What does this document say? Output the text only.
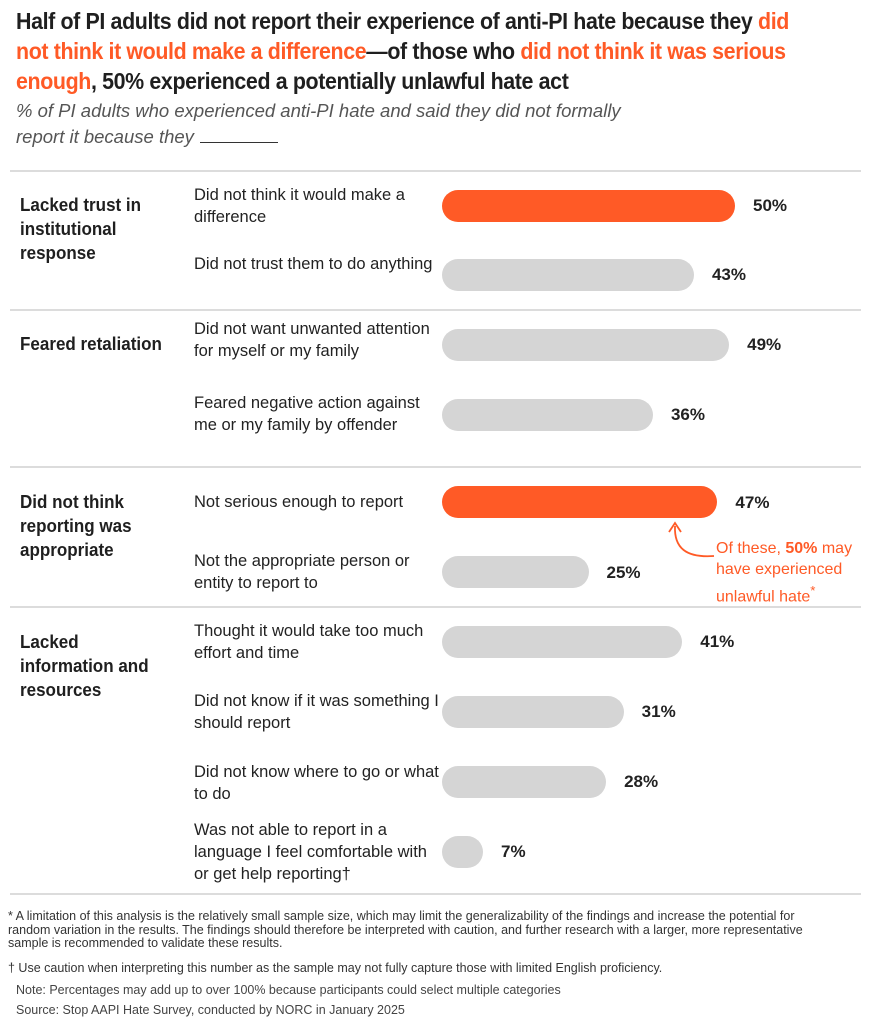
Half of PI adults did not report their experience of anti-PI hate because they did not think it would make a difference—of those who did not think it was serious enough, 50% experienced a potentially unlawful hate act
% of PI adults who experienced anti-PI hate and said they did not formally
report it because they
Lacked trust in institutional response
Feared retaliation
Did not think reporting was appropriate
Lacked information and resources
Did not think it would make a difference
50%
Did not trust them to do anything
43%
Did not want unwanted attention for myself or my family	49%
Feared negative action against me or my family by offender
36%
Not serious enough to report	47%
Not the appropriate person or entity to report to
25%
Thought it would take too much effort and time
41%
Did not know if it was something I should report
31%
Did not know where to go or what to do
28%
Was not able to report in a language I feel comfortable with or get help reporting†
7%
Of these, 50% may have experienced unlawful hate*
* A limitation of this analysis is the relatively small sample size, which may limit the generalizability of the findings and increase the potential for random variation in the results. The findings should therefore be interpreted with caution, and further research with a larger, more representative sample is recommended to validate these results.
† Use caution when interpreting this number as the sample may not fully capture those with limited English proficiency.
Note: Percentages may add up to over 100% because participants could select multiple categories
Source: Stop AAPI Hate Survey, conducted by NORC in January 2025
